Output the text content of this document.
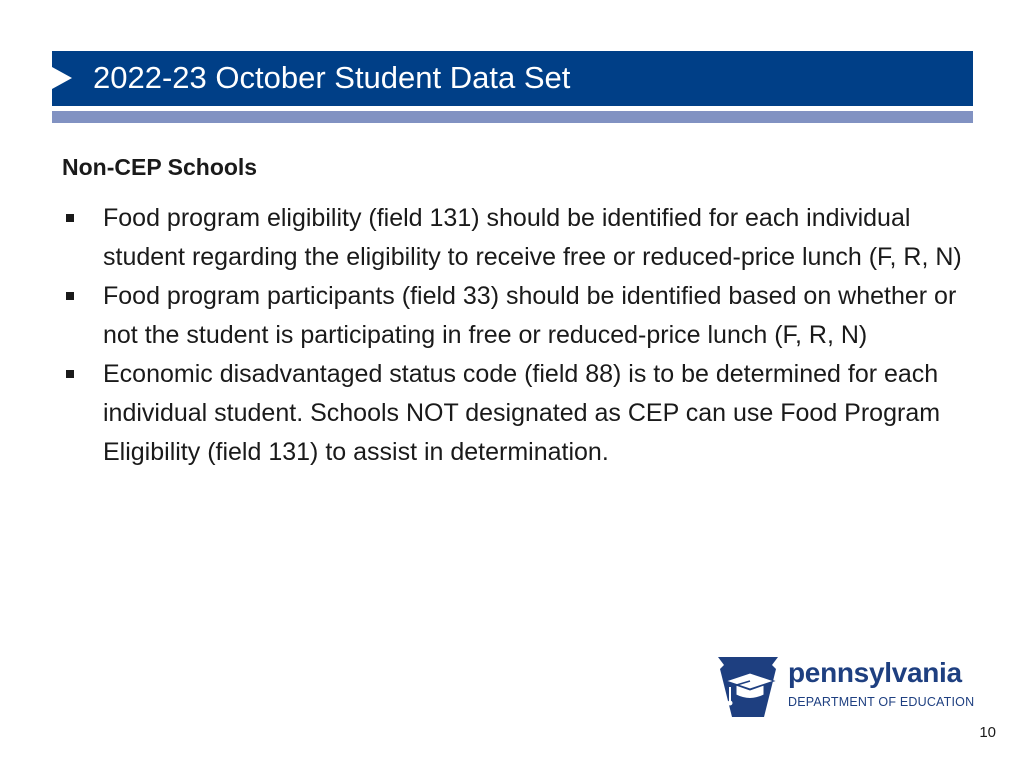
2022-23 October Student Data Set
Non-CEP Schools
Food program eligibility (field 131) should be identified for each individual student regarding the eligibility to receive free or reduced-price lunch (F, R, N)
Food program participants (field 33) should be identified based on whether or not the student is participating in free or reduced-price lunch (F, R, N)
Economic disadvantaged status code (field 88) is to be determined for each individual student. Schools NOT designated as CEP can use Food Program Eligibility (field 131) to assist in determination.
pennsylvania
DEPARTMENT OF EDUCATION
10
